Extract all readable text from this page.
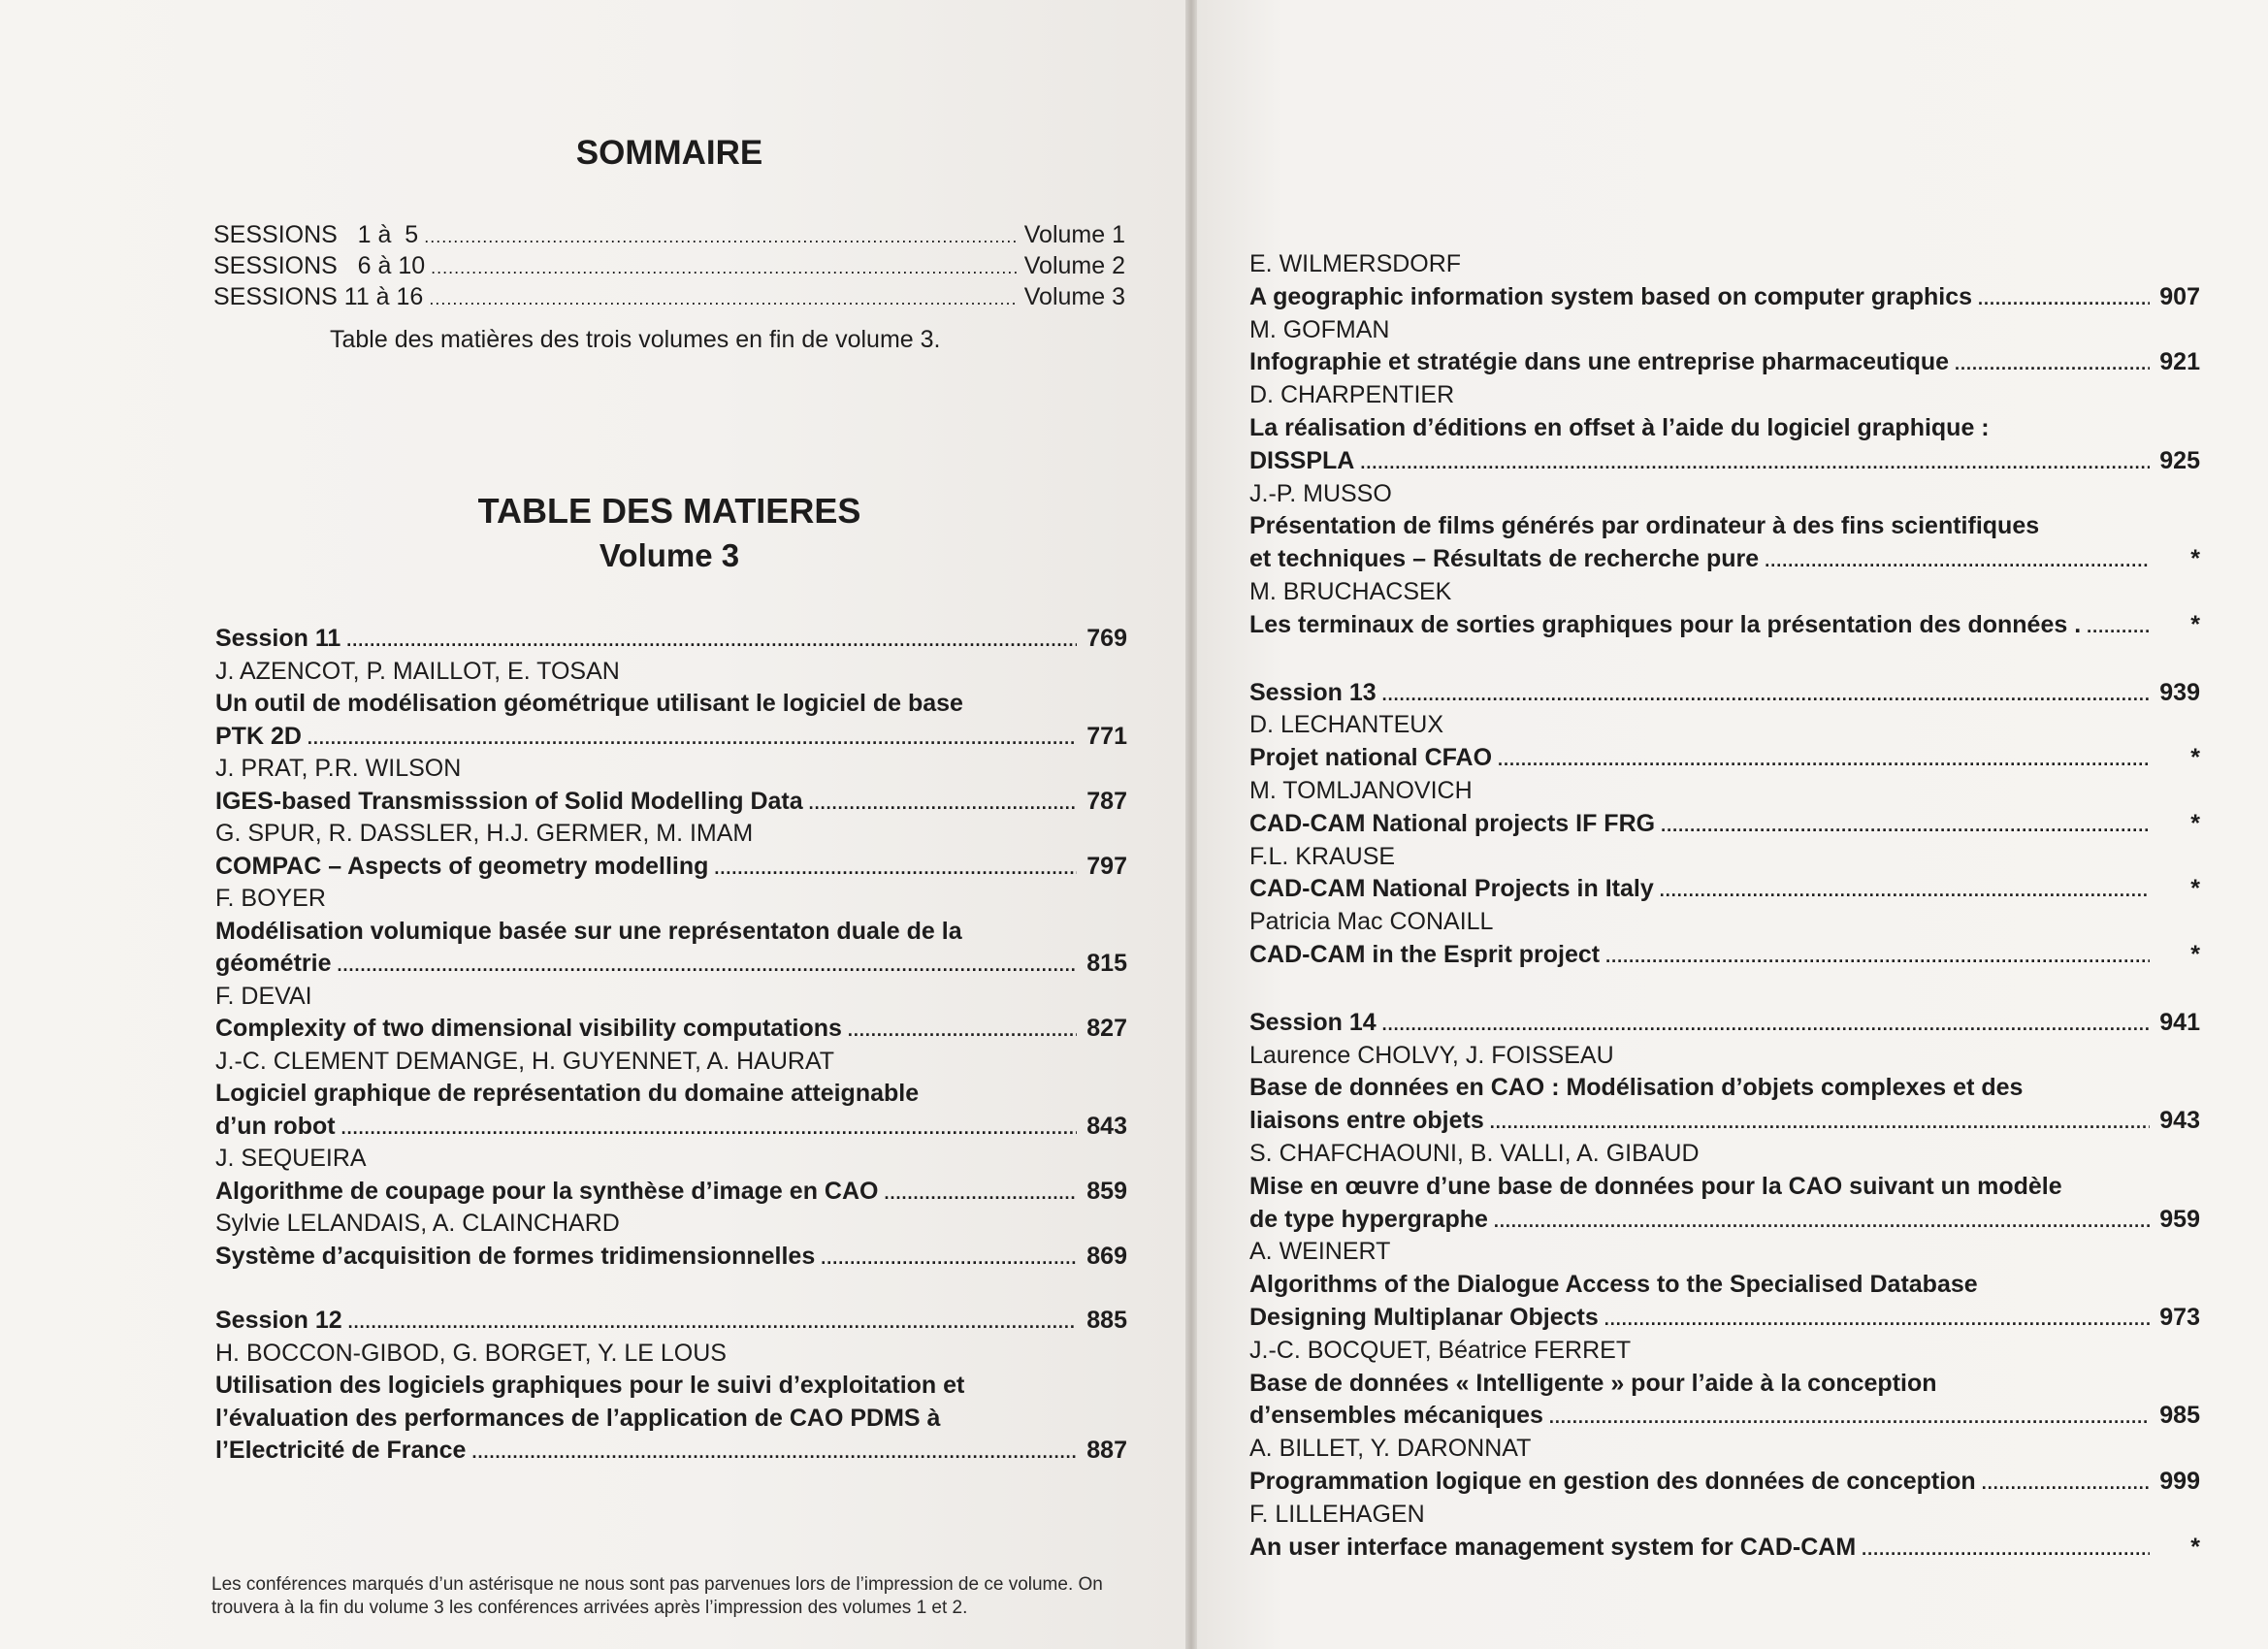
SOMMAIRE
SESSIONS   1 à  5 . . .	Volume 1
SESSIONS   6 à 10 . . .	Volume 2
SESSIONS 11 à 16 . . .	Volume 3
Table des matières des trois volumes en fin de volume 3.
TABLE DES MATIERES
Volume 3
Session 11 . . .	769
J. AZENCOT, P. MAILLOT, E. TOSAN
Un outil de modélisation géométrique utilisant le logiciel de base
PTK 2D . . .	771
J. PRAT, P.R. WILSON
IGES-based Transmisssion of Solid Modelling Data . . .	787
G. SPUR, R. DASSLER, H.J. GERMER, M. IMAM
COMPAC – Aspects of geometry modelling . . .	797
F. BOYER
Modélisation volumique basée sur une représentaton duale de la
géométrie . . .	815
F. DEVAI
Complexity of two dimensional visibility computations . . .	827
J.-C. CLEMENT DEMANGE, H. GUYENNET, A. HAURAT
Logiciel graphique de représentation du domaine atteignable
d’un robot . . .	843
J. SEQUEIRA
Algorithme de coupage pour la synthèse d’image en CAO . . .	859
Sylvie LELANDAIS, A. CLAINCHARD
Système d’acquisition de formes tridimensionnelles . . .	869
Session 12 . . .	885
H. BOCCON-GIBOD, G. BORGET, Y. LE LOUS
Utilisation des logiciels graphiques pour le suivi d’exploitation et
l’évaluation des performances de l’application de CAO PDMS à
l’Electricité de France . . .	887
Les conférences marqués d’un astérisque ne nous sont pas parvenues lors de l’impression de ce volume. On trouvera à la fin du volume 3 les conférences arrivées après l’impression des volumes 1 et 2.
E. WILMERSDORF
A geographic information system based on computer graphics . . .	907
M. GOFMAN
Infographie et stratégie dans une entreprise pharmaceutique . . .	921
D. CHARPENTIER
La réalisation d’éditions en offset à l’aide du logiciel graphique :
DISSPLA . . .	925
J.-P. MUSSO
Présentation de films générés par ordinateur à des fins scientifiques
et techniques – Résultats de recherche pure . . .	*
M. BRUCHACSEK
Les terminaux de sorties graphiques pour la présentation des données . . . .	*
Session 13 . . .	939
D. LECHANTEUX
Projet national CFAO . . .	*
M. TOMLJANOVICH
CAD-CAM National projects IF FRG . . .	*
F.L. KRAUSE
CAD-CAM National Projects in Italy . . .	*
Patricia Mac CONAILL
CAD-CAM in the Esprit project . . .	*
Session 14 . . .	941
Laurence CHOLVY, J. FOISSEAU
Base de données en CAO : Modélisation d’objets complexes et des
liaisons entre objets . . .	943
S. CHAFCHAOUNI, B. VALLI, A. GIBAUD
Mise en œuvre d’une base de données pour la CAO suivant un modèle
de type hypergraphe . . .	959
A. WEINERT
Algorithms of the Dialogue Access to the Specialised Database
Designing Multiplanar Objects . . .	973
J.-C. BOCQUET, Béatrice FERRET
Base de données « Intelligente » pour l’aide à la conception
d’ensembles mécaniques . . .	985
A. BILLET, Y. DARONNAT
Programmation logique en gestion des données de conception . . .	999
F. LILLEHAGEN
An user interface management system for CAD-CAM . . .	*
